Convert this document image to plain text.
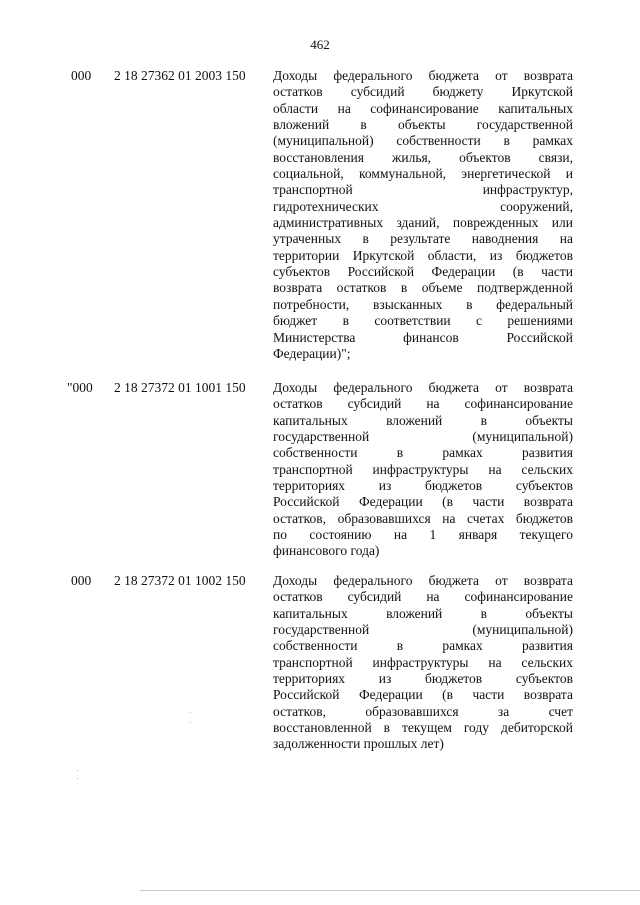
462
000 2 18 27362 01 2003 150 Доходы федерального бюджета от возврата
остатков субсидий бюджету Иркутской
области на софинансирование капитальных
вложений в объекты государственной
(муниципальной) собственности в рамках
восстановления жилья, объектов связи,
социальной, коммунальной, энергетической и
транспортной инфраструктур,
гидротехнических сооружений,
административных зданий, поврежденных или
утраченных в результате наводнения на
территории Иркутской области, из бюджетов
субъектов Российской Федерации (в части
возврата остатков в объеме подтвержденной
потребности, взысканных в федеральный
бюджет в соответствии с решениями
Министерства финансов Российской
Федерации)";
"000 2 18 27372 01 1001 150 Доходы федерального бюджета от возврата
остатков субсидий на софинансирование
капитальных вложений в объекты
государственной (муниципальной)
собственности в рамках развития
транспортной инфраструктуры на сельских
территориях из бюджетов субъектов
Российской Федерации (в части возврата
остатков, образовавшихся на счетах бюджетов
по состоянию на 1 января текущего
финансового года)
000 2 18 27372 01 1002 150 Доходы федерального бюджета от возврата
остатков субсидий на софинансирование
капитальных вложений в объекты
государственной (муниципальной)
собственности в рамках развития
транспортной инфраструктуры на сельских
территориях из бюджетов субъектов
Российской Федерации (в части возврата
остатков, образовавшихся за счет
восстановленной в текущем году дебиторской
задолженности прошлых лет)
